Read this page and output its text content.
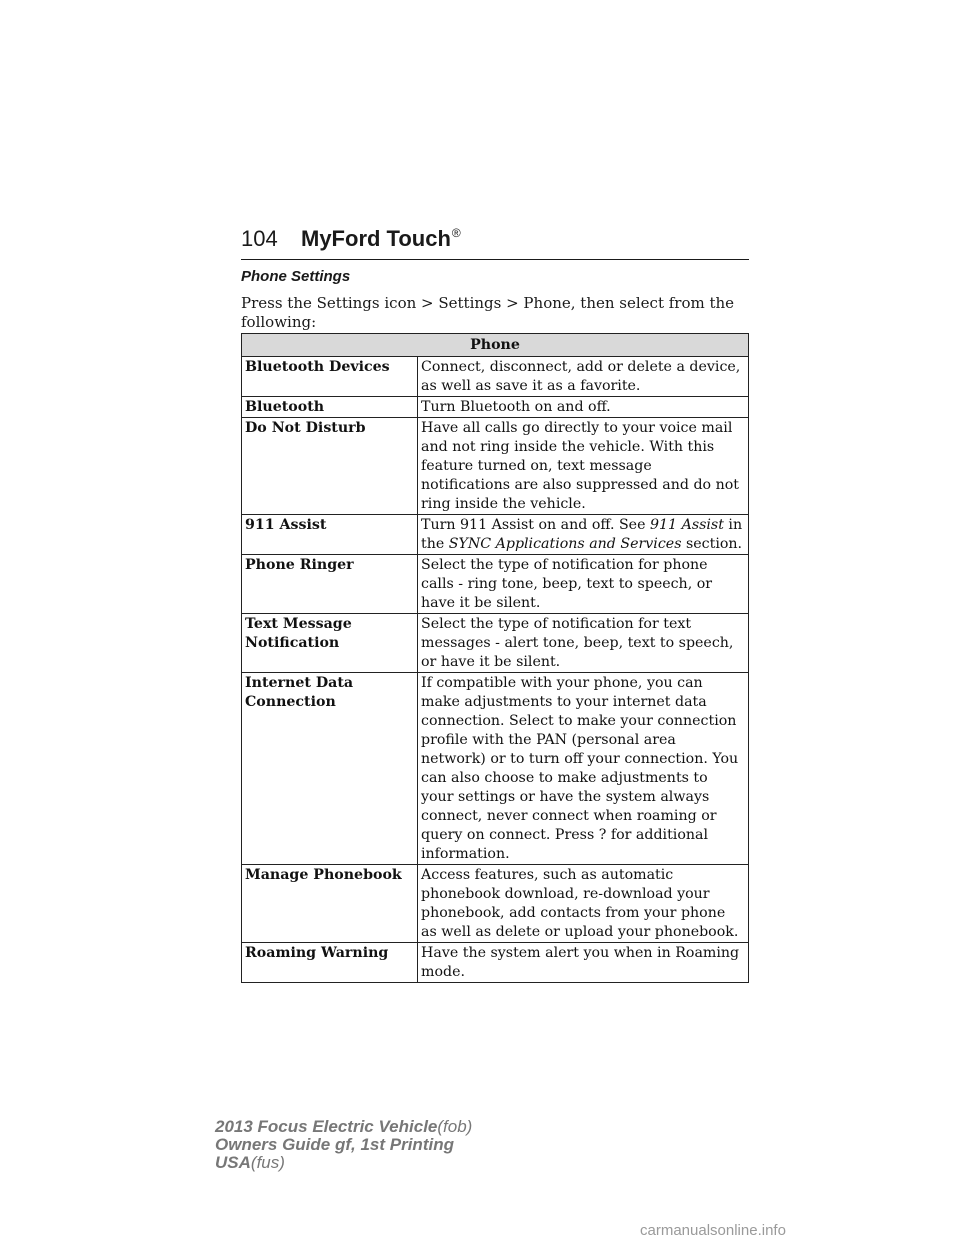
104 MyFord Touch®
Phone Settings

Press the Settings icon > Settings > Phone, then select from the following:

Phone	
Bluetooth Devices	Connect, disconnect, add or delete a device, as well as save it as a favorite.
Bluetooth	Turn Bluetooth on and off.
Do Not Disturb	Have all calls go directly to your voice mail and not ring inside the vehicle. With this feature turned on, text message notifications are also suppressed and do not ring inside the vehicle.
911 Assist	Turn 911 Assist on and off. See 911 Assist in the SYNC Applications and Services section.
Phone Ringer	Select the type of notification for phone calls - ring tone, beep, text to speech, or have it be silent.
Text Message Notification	Select the type of notification for text messages - alert tone, beep, text to speech, or have it be silent.
Internet Data Connection	If compatible with your phone, you can make adjustments to your internet data connection. Select to make your connection profile with the PAN (personal area network) or to turn off your connection. You can also choose to make adjustments to your settings or have the system always connect, never connect when roaming or query on connect. Press ? for additional information.
Manage Phonebook	Access features, such as automatic phonebook download, re-download your phonebook, add contacts from your phone as well as delete or upload your phonebook.
Roaming Warning	Have the system alert you when in Roaming mode.
2013 Focus Electric Vehicle(fob)
Owners Guide gf, 1st Printing
USA(fus)
carmanualsonline.info
